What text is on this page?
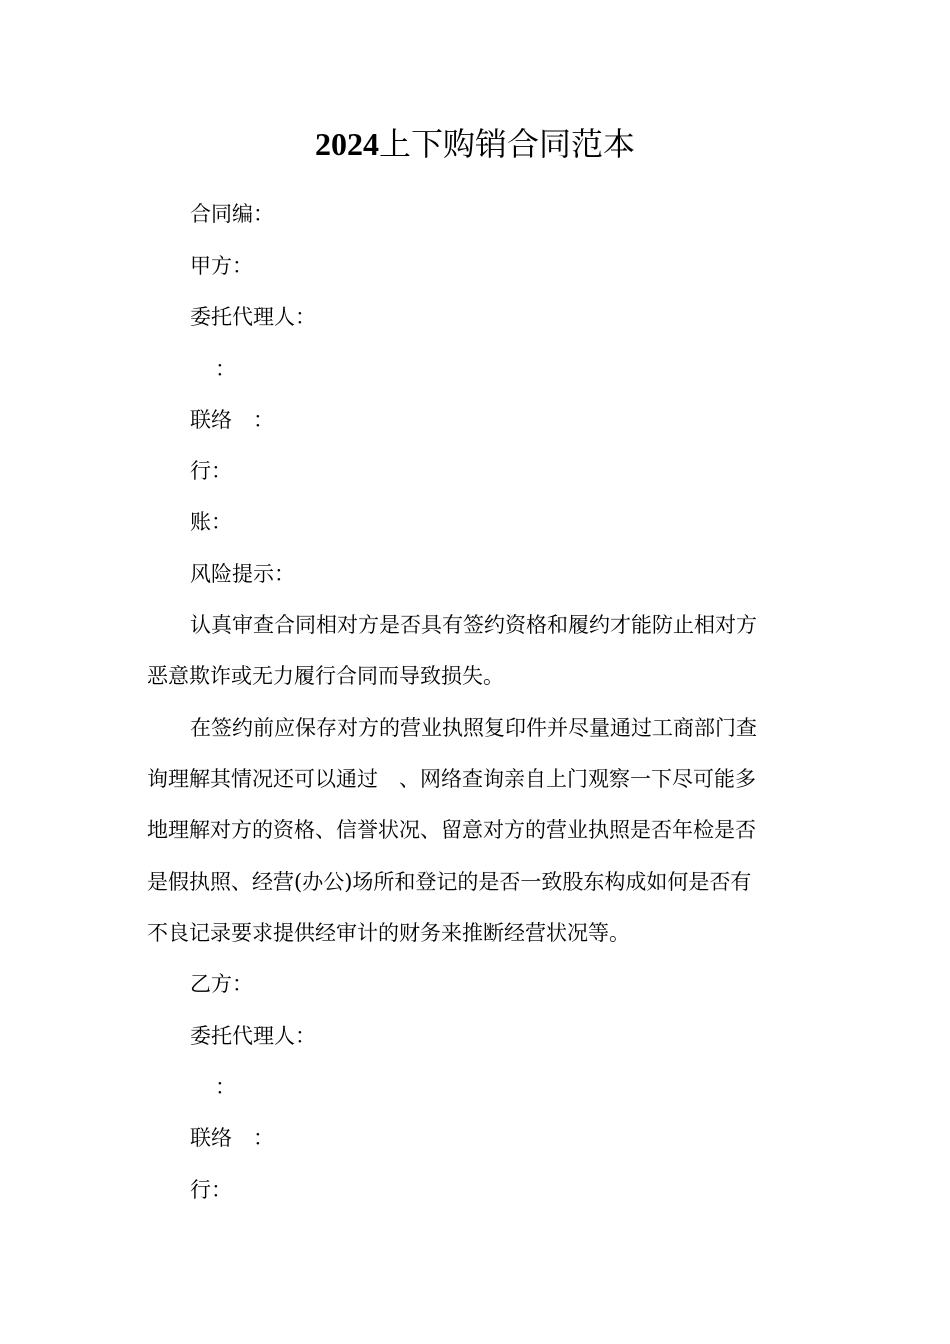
2024上下购销合同范本
合同编：
甲方：
委托代理人：
：
联络　：
行：
账：
风险提示：
认真审查合同相对方是否具有签约资格和履约才能防止相对方
恶意欺诈或无力履行合同而导致损失。
在签约前应保存对方的营业执照复印件并尽量通过工商部门查
询理解其情况还可以通过　、网络查询亲自上门观察一下尽可能多
地理解对方的资格、信誉状况、留意对方的营业执照是否年检是否
是假执照、经营(办公)场所和登记的是否一致股东构成如何是否有
不良记录要求提供经审计的财务来推断经营状况等。
乙方：
委托代理人：
：
联络　：
行：
